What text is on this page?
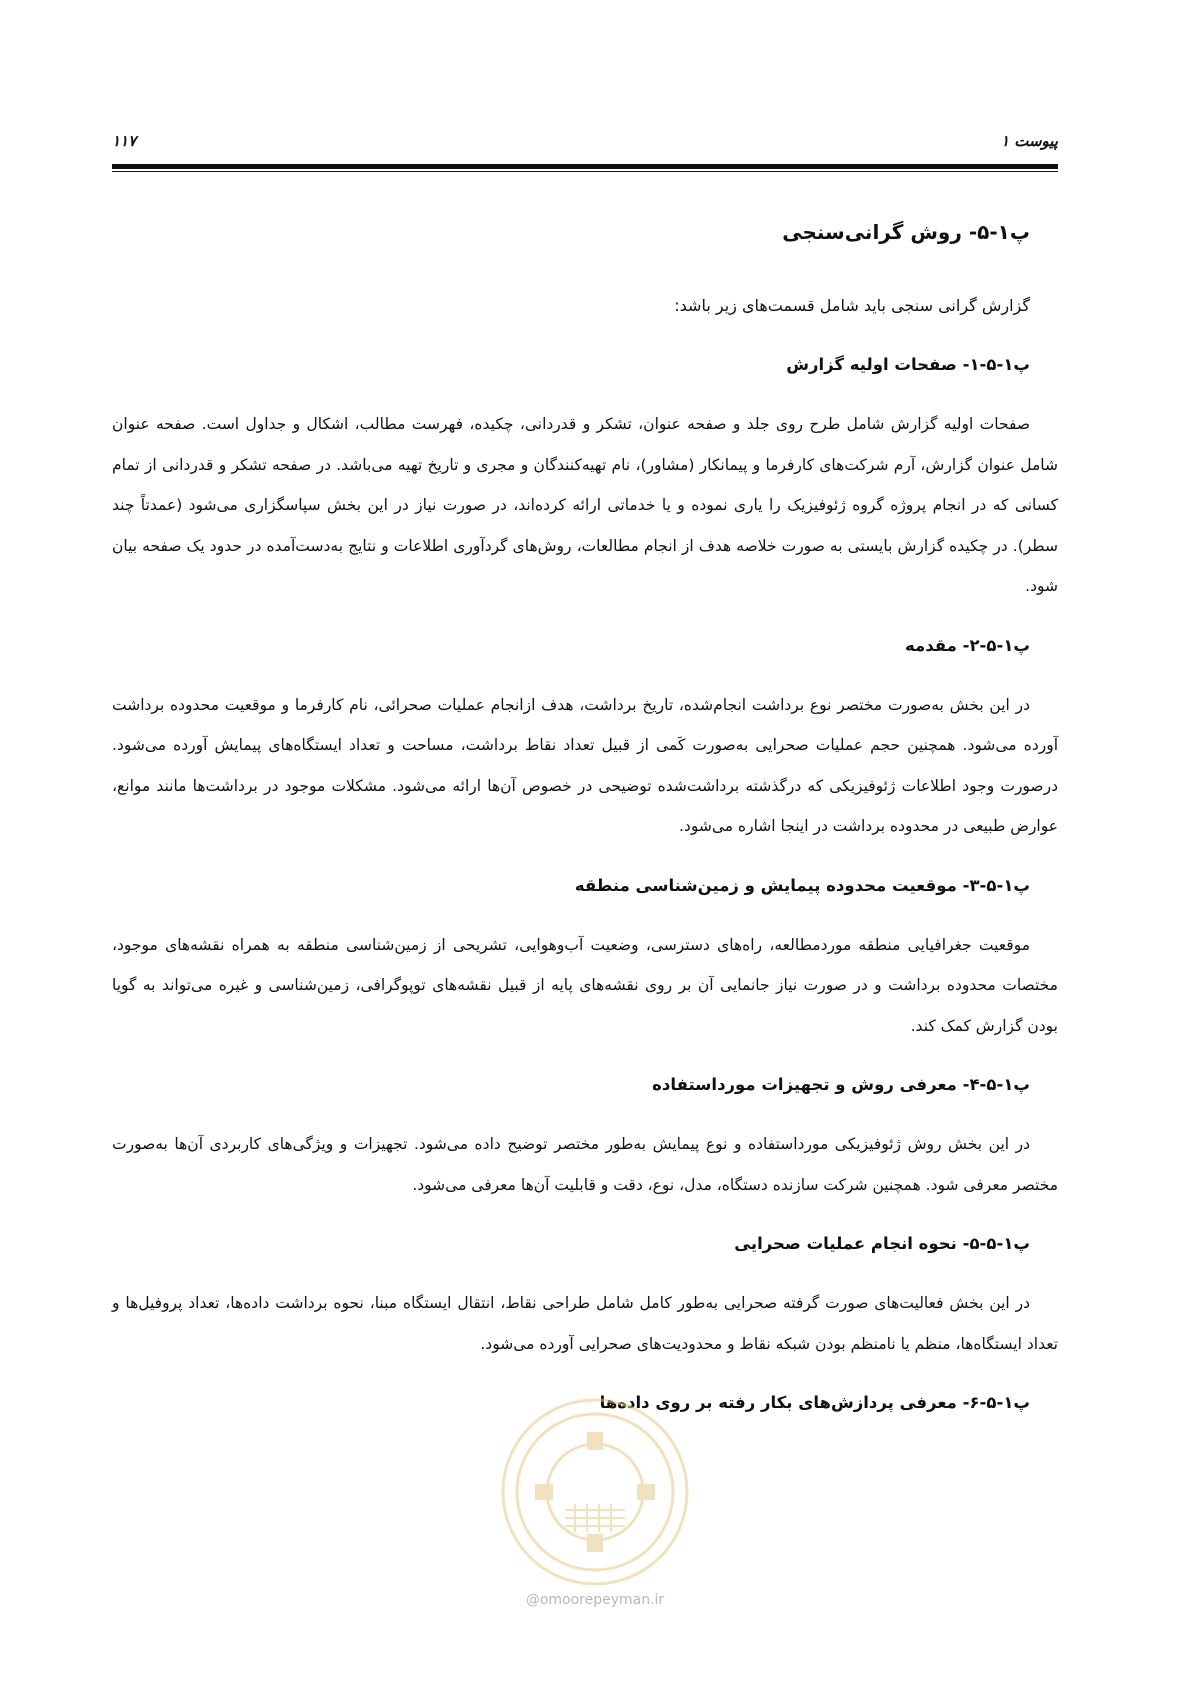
پیوست ۱
۱۱۷
پ۱-۵- روش گرانی‌سنجی
گزارش گرانی سنجی باید شامل قسمت‌های زیر باشد:
پ۱-۵-۱- صفحات اولیه گزارش
صفحات اولیه گزارش شامل طرح روی جلد و صفحه عنوان، تشکر و قدردانی، چکیده، فهرست مطالب، اشکال و جداول است. صفحه عنوان شامل عنوان گزارش، آرم شرکت‌های کارفرما و پیمانکار (مشاور)، نام تهیه‌کنندگان و مجری و تاریخ تهیه می‌باشد. در صفحه تشکر و قدردانی از تمام کسانی که در انجام پروژه گروه ژئوفیزیک را یاری نموده و یا خدماتی ارائه کرده‌اند، در صورت نیاز در این بخش سپاسگزاری می‌شود (عمدتاً چند سطر). در چکیده گزارش بایستی به صورت خلاصه هدف از انجام مطالعات، روش‌های گردآوری اطلاعات و نتایج به‌دست‌آمده در حدود یک صفحه بیان شود.
پ۱-۵-۲- مقدمه
در این بخش به‌صورت مختصر نوع برداشت انجام‌شده، تاریخ برداشت، هدف ازانجام عملیات صحرائی، نام کارفرما و موقعیت محدوده برداشت آورده می‌شود. همچنین حجم عملیات صحرایی به‌صورت کَمی از قبیل تعداد نقاط برداشت، مساحت و تعداد ایستگاه‌های پیمایش آورده می‌شود. درصورت وجود اطلاعات ژئوفیزیکی که درگذشته برداشت‌شده توضیحی در خصوص آن‌ها ارائه می‌شود. مشکلات موجود در برداشت‌ها مانند موانع، عوارض طبیعی در محدوده برداشت در اینجا اشاره می‌شود.
پ۱-۵-۳- موقعیت محدوده پیمایش و زمین‌شناسی منطقه
موقعیت جغرافیایی منطقه موردمطالعه، راه‌های دسترسی، وضعیت آب‌وهوایی، تشریحی از زمین‌شناسی منطقه به همراه نقشه‌های موجود، مختصات محدوده برداشت و در صورت نیاز جانمایی آن بر روی نقشه‌های پایه از قبیل نقشه‌های توپوگرافی، زمین‌شناسی و غیره می‌تواند به گویا بودن گزارش کمک کند.
پ۱-۵-۴- معرفی روش و تجهیزات مورداستفاده
در این بخش روش ژئوفیزیکی مورداستفاده و نوع پیمایش به‌طور مختصر توضیح داده می‌شود. تجهیزات و ویژگی‌های کاربردی آن‌ها به‌صورت مختصر معرفی شود. همچنین شرکت سازنده دستگاه، مدل، نوع، دقت و قابلیت آن‌ها معرفی می‌شود.
پ۱-۵-۵- نحوه انجام عملیات صحرایی
در این بخش فعالیت‌های صورت گرفته صحرایی به‌طور کامل شامل طراحی نقاط، انتقال ایستگاه مبنا، نحوه برداشت داده‌ها، تعداد پروفیل‌ها و تعداد ایستگاه‌ها، منظم یا نامنظم بودن شبکه نقاط و محدودیت‌های صحرایی آورده می‌شود.
پ۱-۵-۶- معرفی پردازش‌های بکار رفته بر روی داده‌ها
@omoorepeyman.ir
